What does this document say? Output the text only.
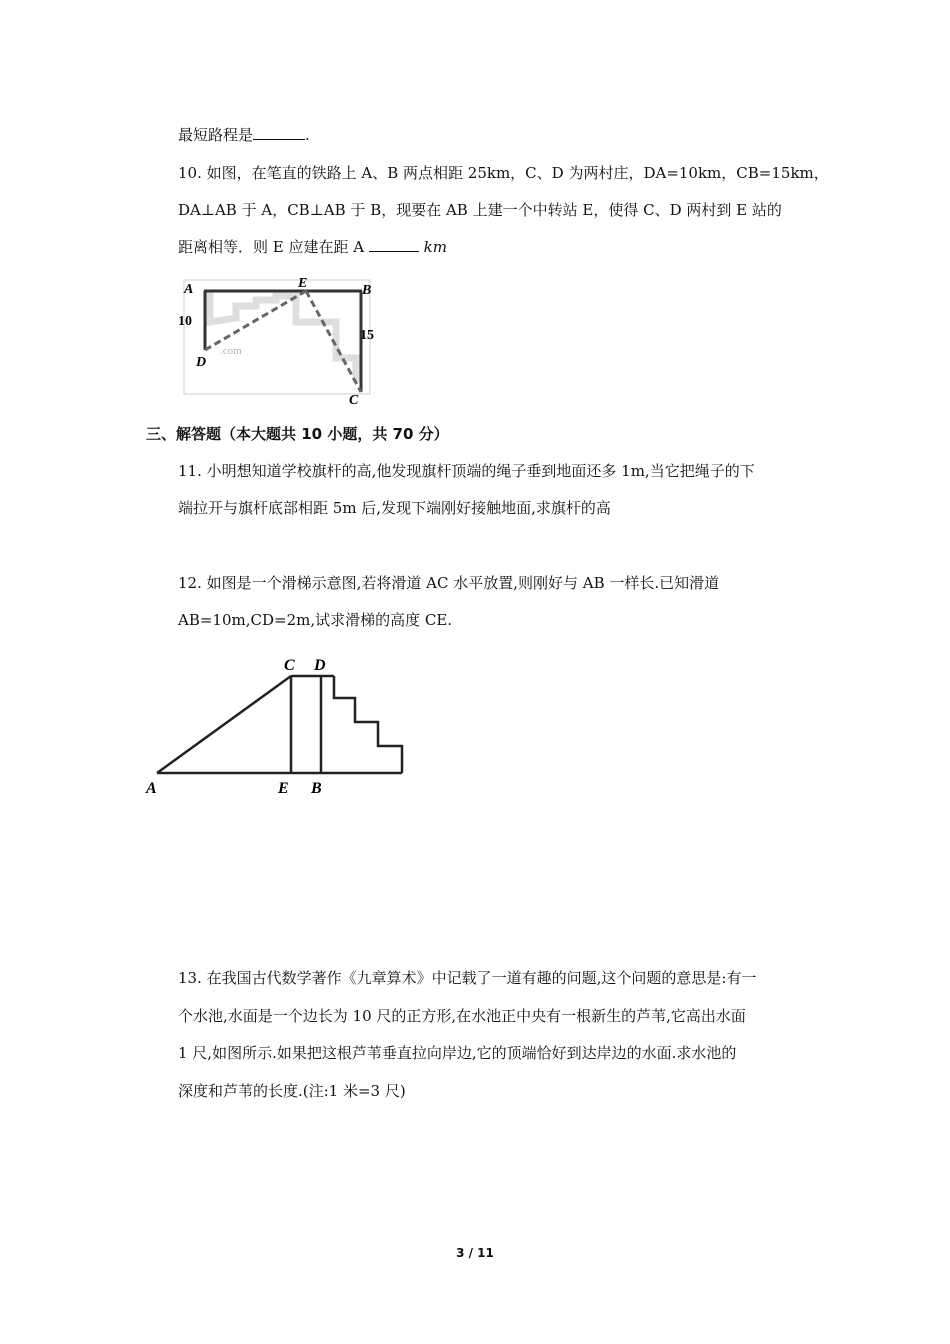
最短路程是	.
10. 如图，在笔直的铁路上 A、B 两点相距 25km，C、D 为两村庄，DA=10km，CB=15km，
DA⊥AB 于 A，CB⊥AB 于 B，现要在 AB 上建一个中转站 E，使得 C、D 两村到 E 站的
距离相等．则 E 应建在距 A	km
A	B
E
D
C
10
15
.com
三、解答题（本大题共 10 小题，共 70 分）
11. 小明想知道学校旗杆的高,他发现旗杆顶端的绳子垂到地面还多 1m,当它把绳子的下
端拉开与旗杆底部相距 5m 后,发现下端刚好接触地面,求旗杆的高
12. 如图是一个滑梯示意图,若将滑道 AC 水平放置,则刚好与 AB 一样长.已知滑道
AB=10m,CD=2m,试求滑梯的高度 CE.
A	E B
C D
13. 在我国古代数学著作《九章算术》中记载了一道有趣的问题,这个问题的意思是:有一
个水池,水面是一个边长为 10 尺的正方形,在水池正中央有一根新生的芦苇,它高出水面
1 尺,如图所示.如果把这根芦苇垂直拉向岸边,它的顶端恰好到达岸边的水面.求水池的
深度和芦苇的长度.(注:1 米=3 尺)
3 / 11
